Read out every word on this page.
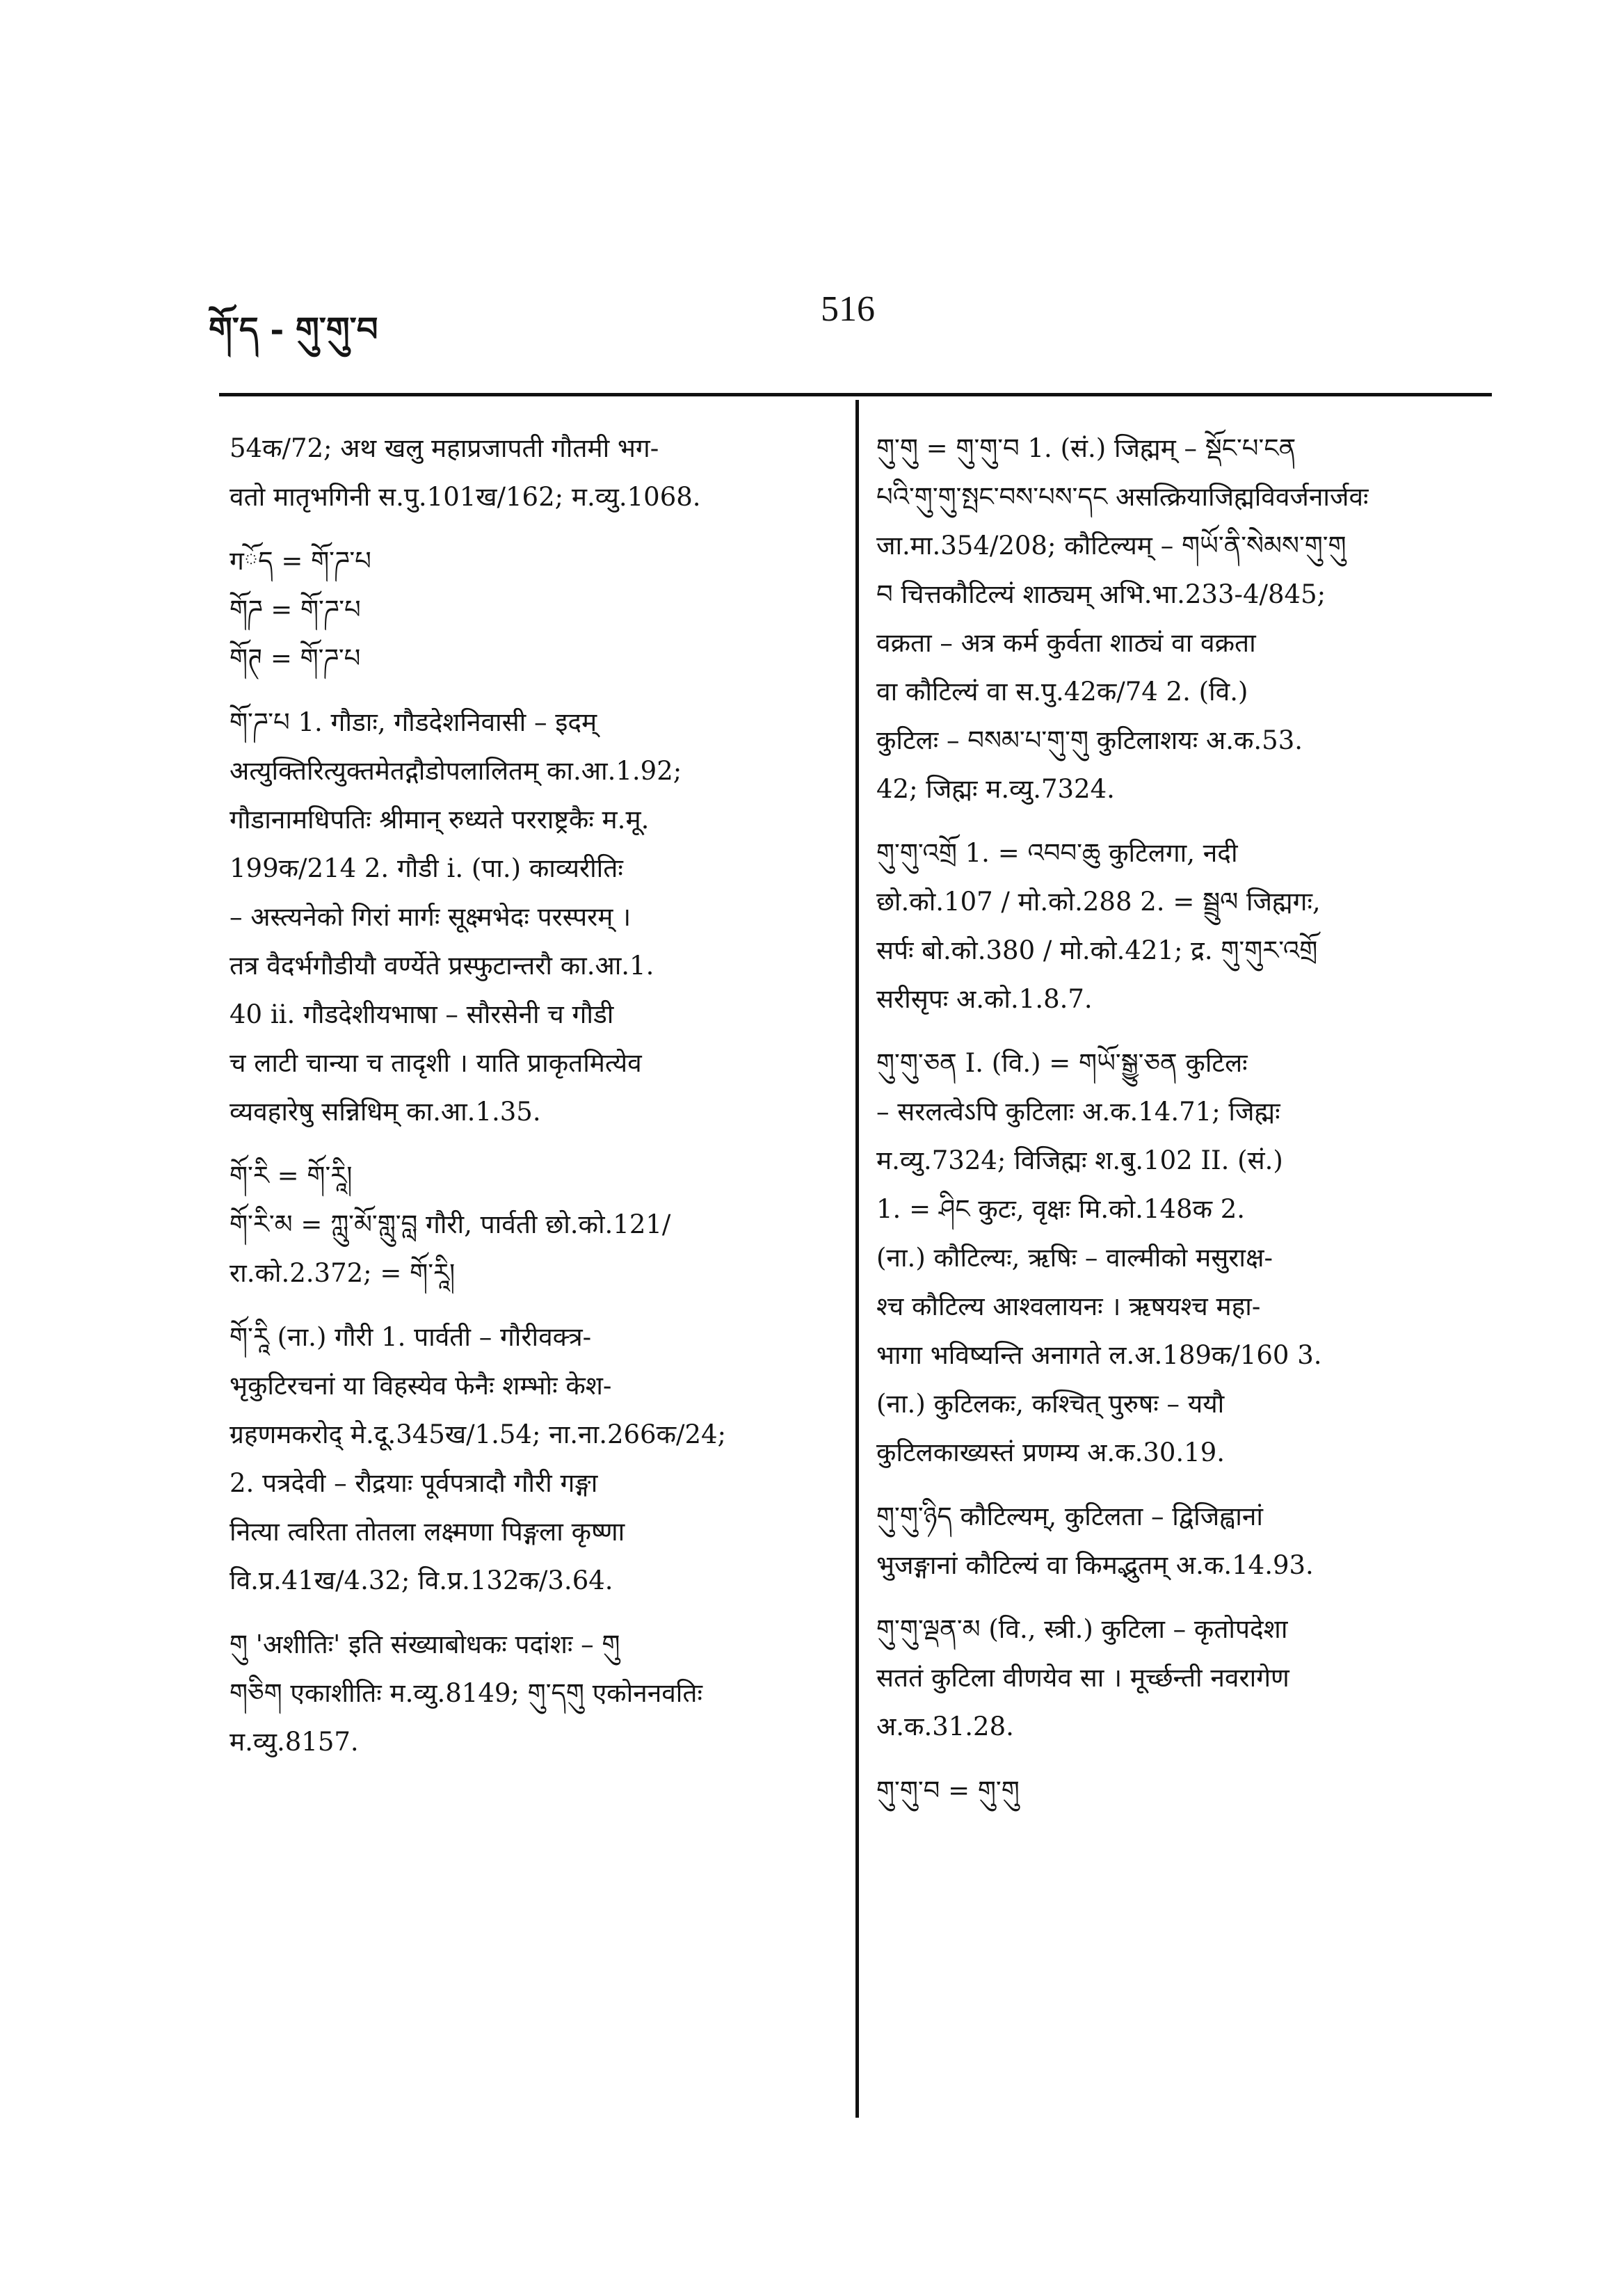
གོ་ད - གུ་གུ་བ
516
54क/72; अथ खलु महाप्रजापती गौतमी भग-
वतो मातृभगिनी स.पु.101ख/162; म.व्यु.1068.
गོད = གོ་ཌ་པ
གོཌ = གོ་ཌ་པ
གོཊ = གོ་ཌ་པ
གོ་ཌ་པ 1. गौडाः, गौडदेशनिवासी – इदम्
अत्युक्तिरित्युक्तमेतद्गौडोपलालितम् का.आ.1.92;
गौडानामधिपतिः श्रीमान् रुध्यते परराष्ट्रकैः म.मू.
199क/214 2. गौडी i. (पा.) काव्यरीतिः
– अस्त्यनेको गिरां मार्गः सूक्ष्मभेदः परस्परम् ।
तत्र वैदर्भगौडीयौ वर्ण्येते प्रस्फुटान्तरौ का.आ.1.
40 ii. गौडदेशीयभाषा – सौरसेनी च गौडी
च लाटी चान्या च तादृशी । याति प्राकृतमित्येव
व्यवहारेषु सन्निधिम् का.आ.1.35.
གོ་རི = གོ་རཱི།
གོ་རི་མ = ཀླུ་མོ་གླུ་བླ गौरी, पार्वती छो.को.121/
रा.को.2.372; = གོ་རཱི།
གོ་རཱི (ना.) गौरी 1. पार्वती – गौरीवक्त्र-
भृकुटिरचनां या विहस्येव फेनैः शम्भोः केश-
ग्रहणमकरोद् मे.दू.345ख/1.54; ना.ना.266क/24;
2. पत्रदेवी – रौद्रयाः पूर्वपत्रादौ गौरी गङ्गा
नित्या त्वरिता तोतला लक्ष्मणा पिङ्गला कृष्णा
वि.प्र.41ख/4.32; वि.प्र.132क/3.64.
གུ 'अशीतिः' इति संख्याबोधकः पदांशः – གུ
གཅིག एकाशीतिः म.व्यु.8149; གུ་དགུ एकोननवतिः
म.व्यु.8157.
གུ་གུ = གུ་གུ་བ 1. (सं.) जिह्मम् – སྡོང་པ་ངན
པའི་གུ་གུ་སྤང་བས་པས་དང असत्क्रियाजिह्मविवर्जनार्जवः
जा.मा.354/208; कौटिल्यम् – གཡོ་ནི་སེམས་གུ་གུ
བ चित्तकौटिल्यं शाठ्यम् अभि.भा.233-4/845;
वक्रता – अत्र कर्म कुर्वता शाठ्यं वा वक्रता
वा कौटिल्यं वा स.पु.42क/74 2. (वि.)
कुटिलः – བསམ་པ་གུ་གུ कुटिलाशयः अ.क.53.
42; जिह्मः म.व्यु.7324.
གུ་གུ་འགྲོ 1. = འབབ་ཆུ कुटिलगा, नदी
छो.को.107 / मो.को.288 2. = སྦྲུལ जिह्मगः,
सर्पः बो.को.380 / मो.को.421; द्र. གུ་གུར་འགྲོ
सरीसृपः अ.को.1.8.7.
གུ་གུ་ཅན I. (वि.) = གཡོ་སྒྱུ་ཅན कुटिलः
– सरलत्वेऽपि कुटिलाः अ.क.14.71; जिह्मः
म.व्यु.7324; विजिह्मः श.बु.102 II. (सं.)
1. = ཤིང कुटः, वृक्षः मि.को.148क 2.
(ना.) कौटिल्यः, ऋषिः – वाल्मीको मसुराक्ष-
श्च कौटिल्य आश्वलायनः । ऋषयश्च महा-
भागा भविष्यन्ति अनागते ल.अ.189क/160 3.
(ना.) कुटिलकः, कश्चित् पुरुषः – ययौ
कुटिलकाख्यस्तं प्रणम्य अ.क.30.19.
གུ་གུ་ཉིད कौटिल्यम्, कुटिलता – द्विजिह्वानां
भुजङ्गानां कौटिल्यं वा किमद्भुतम् अ.क.14.93.
གུ་གུ་ལྡན་མ (वि., स्त्री.) कुटिला – कृतोपदेशा
सततं कुटिला वीणयेव सा । मूर्च्छन्ती नवरागेण
अ.क.31.28.
གུ་གུ་བ = གུ་གུ
